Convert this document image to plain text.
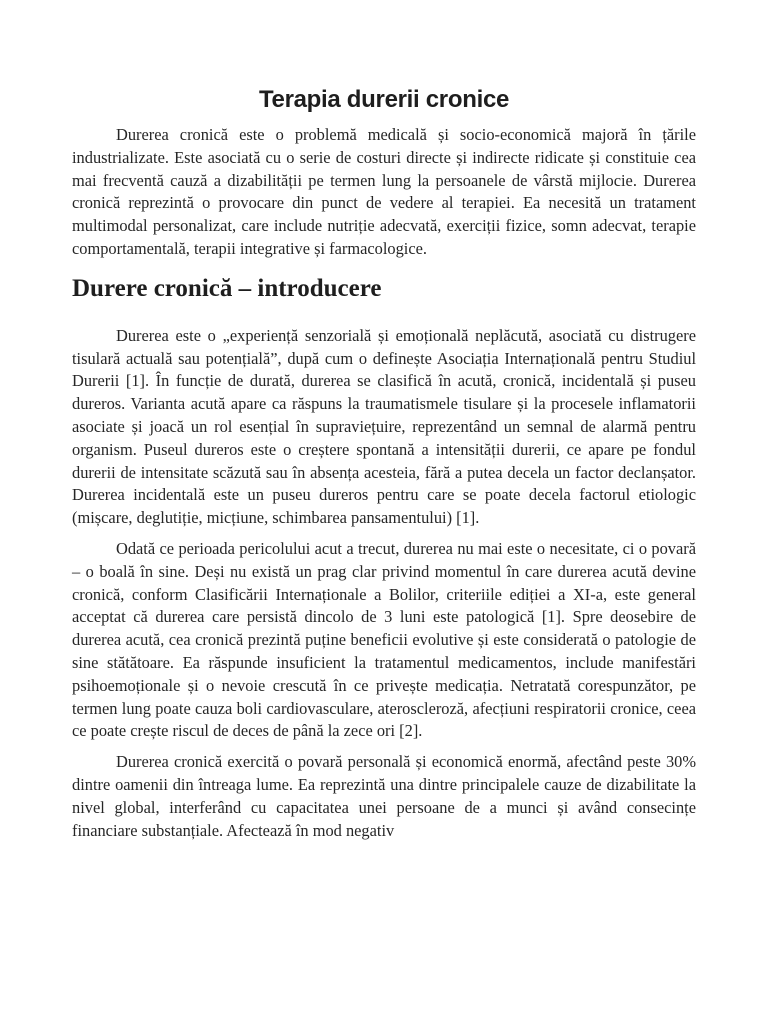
Terapia durerii cronice

Durerea cronică este o problemă medicală și socio-economică majoră în țările industrializate. Este asociată cu o serie de costuri directe și indirecte ridicate și constituie cea mai frecventă cauză a dizabilității pe termen lung la persoanele de vârstă mijlocie. Durerea cronică reprezintă o provocare din punct de vedere al terapiei. Ea necesită un tratament multimodal personalizat, care include nutriție adecvată, exerciții fizice, somn adecvat, terapie comportamentală, terapii integrative și farmacologice.

Durere cronică – introducere

Durerea este o „experiență senzorială și emoțională neplăcută, asociată cu distrugere tisulară actuală sau potențială”, după cum o definește Asociația Internațională pentru Studiul Durerii [1]. În funcție de durată, durerea se clasifică în acută, cronică, incidentală și puseu dureros. Varianta acută apare ca răspuns la traumatismele tisulare și la procesele inflamatorii asociate și joacă un rol esențial în supraviețuire, reprezentând un semnal de alarmă pentru organism. Puseul dureros este o creștere spontană a intensității durerii, ce apare pe fondul durerii de intensitate scăzută sau în absența acesteia, fără a putea decela un factor declanșator. Durerea incidentală este un puseu dureros pentru care se poate decela factorul etiologic (mișcare, deglutiție, micțiune, schimbarea pansamentului) [1].

Odată ce perioada pericolului acut a trecut, durerea nu mai este o necesitate, ci o povară – o boală în sine. Deși nu există un prag clar privind momentul în care durerea acută devine cronică, conform Clasificării Internaționale a Bolilor, criteriile ediției a XI-a, este general acceptat că durerea care persistă dincolo de 3 luni este patologică [1]. Spre deosebire de durerea acută, cea cronică prezintă puține beneficii evolutive și este considerată o patologie de sine stătătoare. Ea răspunde insuficient la tratamentul medicamentos, include manifestări psihoemoționale și o nevoie crescută în ce privește medicația. Netratată corespunzător, pe termen lung poate cauza boli cardiovasculare, ateroscleroză, afecțiuni respiratorii cronice, ceea ce poate crește riscul de deces de până la zece ori [2].

Durerea cronică exercită o povară personală și economică enormă, afectând peste 30% dintre oamenii din întreaga lume. Ea reprezintă una dintre principalele cauze de dizabilitate la nivel global, interferând cu capacitatea unei persoane de a munci și având consecințe financiare substanțiale. Afectează în mod negativ
